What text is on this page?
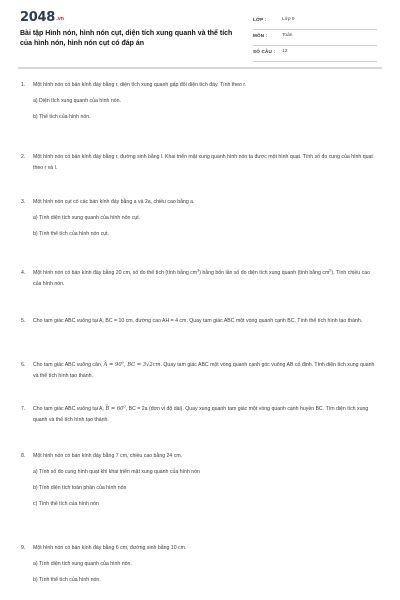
2048.vn
Bài tập Hình nón, hình nón cụt, diện tích xung quanh và thể tích của hình nón, hình nón cụt có đáp án
LỚP :	Lớp 9
MÔN :	Toán
SỐ CÂU : 12
1. Một hình nón có bán kính đáy bằng r, diện tích xung quanh gấp đôi diện tích đáy. Tính theo r.
a) Diện tích xung quanh của hình nón.
b) Thể tích của hình nón.
2. Một hình nón có bán kính đáy bằng r, đường sinh bằng l. Khai triển mặt xung quanh hình nón ta được một hình quạt. Tính số đo cung của hình quạt theo r và l.
3. Một hình nón cụt có các bán kính đáy bằng a và 2a, chiều cao bằng a.
a) Tính diện tích xung quanh của hình nón cụt.
b) Tính thể tích của hình nón cụt.
4. Một hình nón có bán kính đáy bằng 20 cm, số đo thể tích (tính bằng $cm^3$) bằng bốn lần số đo diện tích xung quanh (tính bằng $cm^2$). Tính chiều cao của hình nón.
5. Cho tam giác ABC vuông tại A, BC = 10 cm, đường cao AH = 4 cm. Quay tam giác ABC một vòng quanh cạnh BC. Tính thể tích hình tạo thành.
6. Cho tam giác ABC vuông cân, ^ $A = 90^o$, BC = 3√2cm. Quay tam giác ABC một vòng quanh cạnh góc vuông AB cố định. Tính diện tích xung quanh và thể tích hình tạo thành.
7. Cho tam giác ABC vuông tại A, ^ $B = 60^o$, BC = 2a (đơn vị độ dài). Quay xung quanh tam giác một vòng quanh cạnh huyền BC. Tìm diện tích xung quanh và thể tích hình tạo thành.
8. Một hình nón có bán kính đáy bằng 7 cm, chiều cao bằng 24 cm.
a) Tính số đo cung hình quạt khi khai triển mặt xung quanh của hình nón
b) Tính diện tích toàn phần của hình nón
c) Tính thể tích của hình nón
9. Một hình nón có bán kính đáy bằng 6 cm, đường sinh bằng 10 cm.
a) Tính diện tích xung quanh của hình nón.
b) Tính thể tích của hình nón.
